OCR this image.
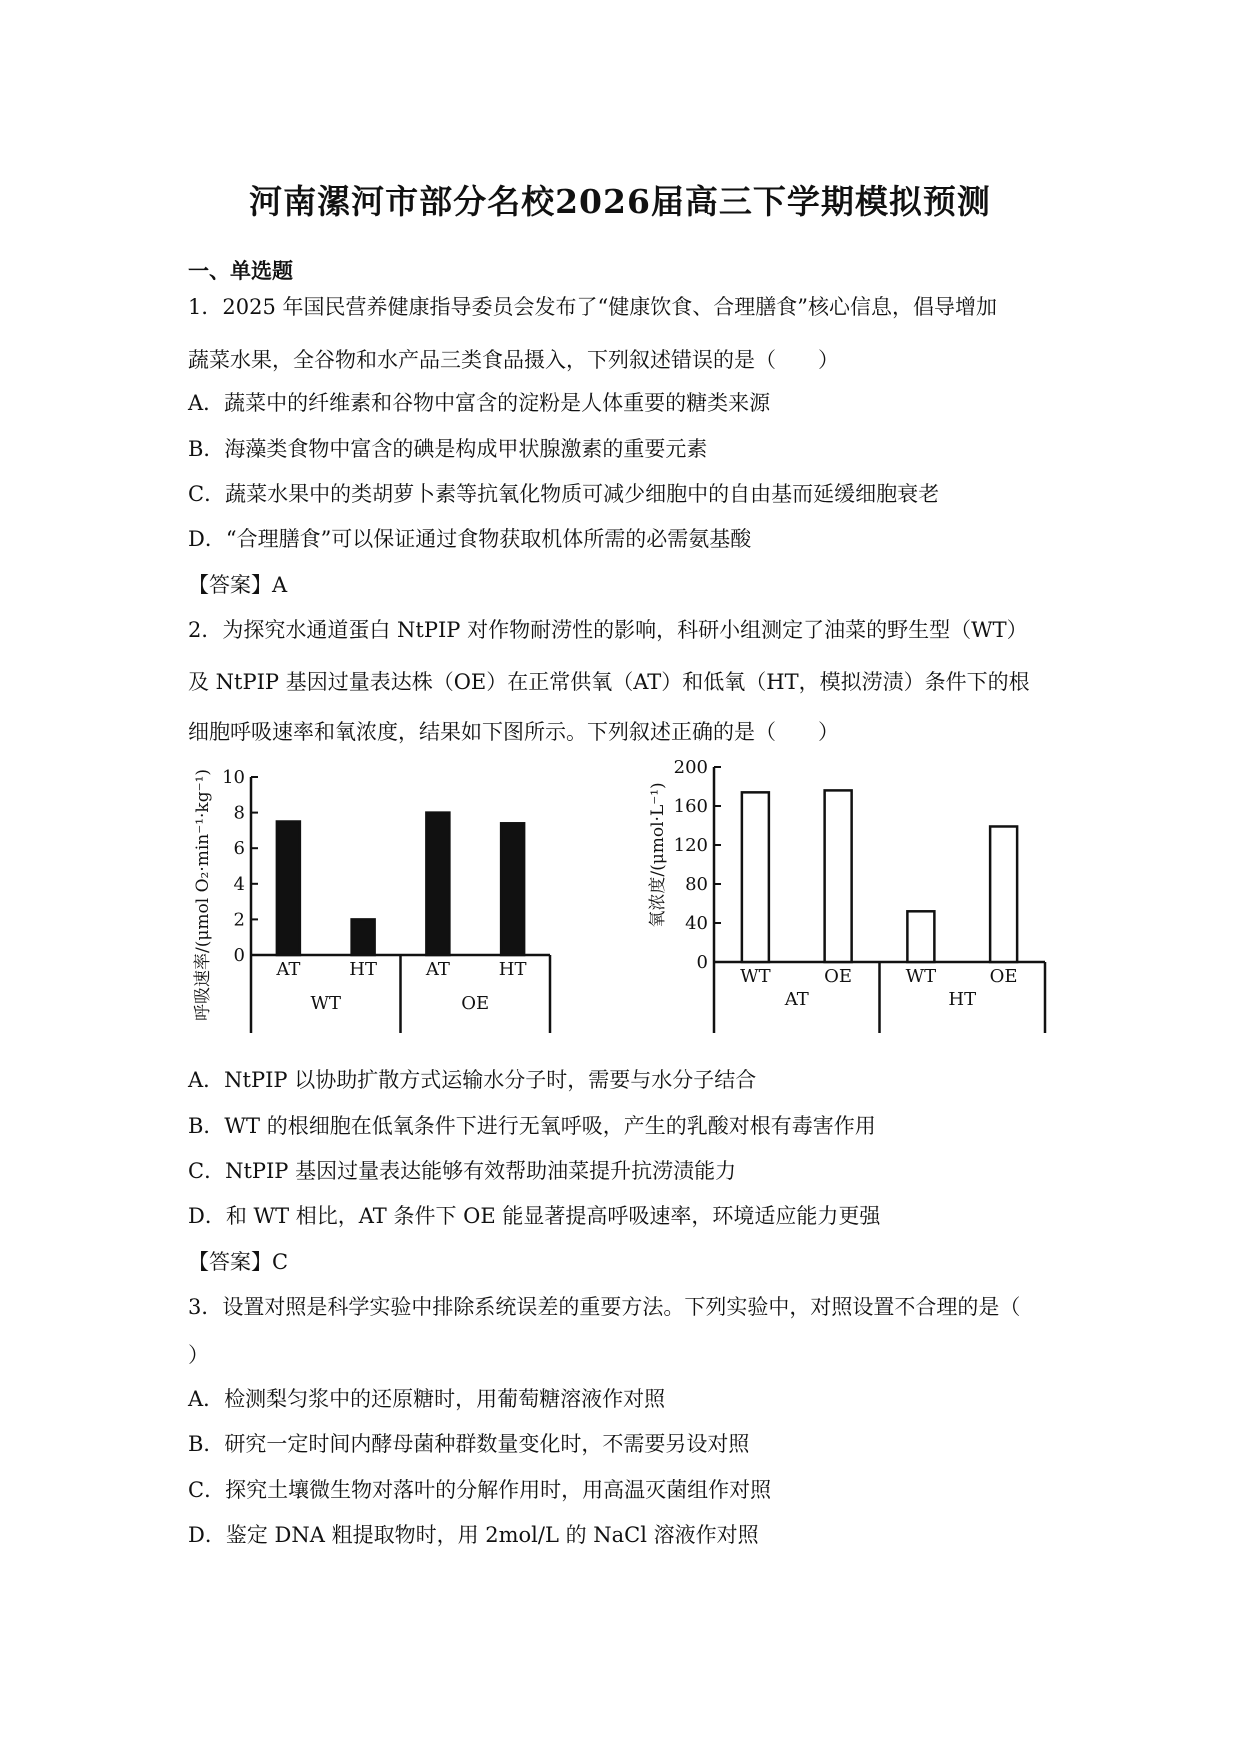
河南漯河市部分名校2026届高三下学期模拟预测
一、单选题
1．2025 年国民营养健康指导委员会发布了“健康饮食、合理膳食”核心信息，倡导增加
蔬菜水果，全谷物和水产品三类食品摄入，下列叙述错误的是（　　）
A．蔬菜中的纤维素和谷物中富含的淀粉是人体重要的糖类来源
B．海藻类食物中富含的碘是构成甲状腺激素的重要元素
C．蔬菜水果中的类胡萝卜素等抗氧化物质可减少细胞中的自由基而延缓细胞衰老
D．“合理膳食”可以保证通过食物获取机体所需的必需氨基酸
【答案】A
2．为探究水通道蛋白 NtPIP 对作物耐涝性的影响，科研小组测定了油菜的野生型（WT）
及 NtPIP 基因过量表达株（OE）在正常供氧（AT）和低氧（HT，模拟涝渍）条件下的根
细胞呼吸速率和氧浓度，结果如下图所示。下列叙述正确的是（　　）
呼吸速率/(μmol O₂·min⁻¹·kg⁻¹) 0
2
4
6
8
10
AT	HT	AT	HT
WT	OE
氧浓度/(μmol·L⁻¹)
0
40
80
120
160
200
WT	OE	WT	OE
AT	HT
A．NtPIP 以协助扩散方式运输水分子时，需要与水分子结合
B．WT 的根细胞在低氧条件下进行无氧呼吸，产生的乳酸对根有毒害作用
C．NtPIP 基因过量表达能够有效帮助油菜提升抗涝渍能力
D．和 WT 相比，AT 条件下 OE 能显著提高呼吸速率，环境适应能力更强
【答案】C
3．设置对照是科学实验中排除系统误差的重要方法。下列实验中，对照设置不合理的是（
）
A．检测梨匀浆中的还原糖时，用葡萄糖溶液作对照
B．研究一定时间内酵母菌种群数量变化时，不需要另设对照
C．探究土壤微生物对落叶的分解作用时，用高温灭菌组作对照
D．鉴定 DNA 粗提取物时，用 2mol/L 的 NaCl 溶液作对照
